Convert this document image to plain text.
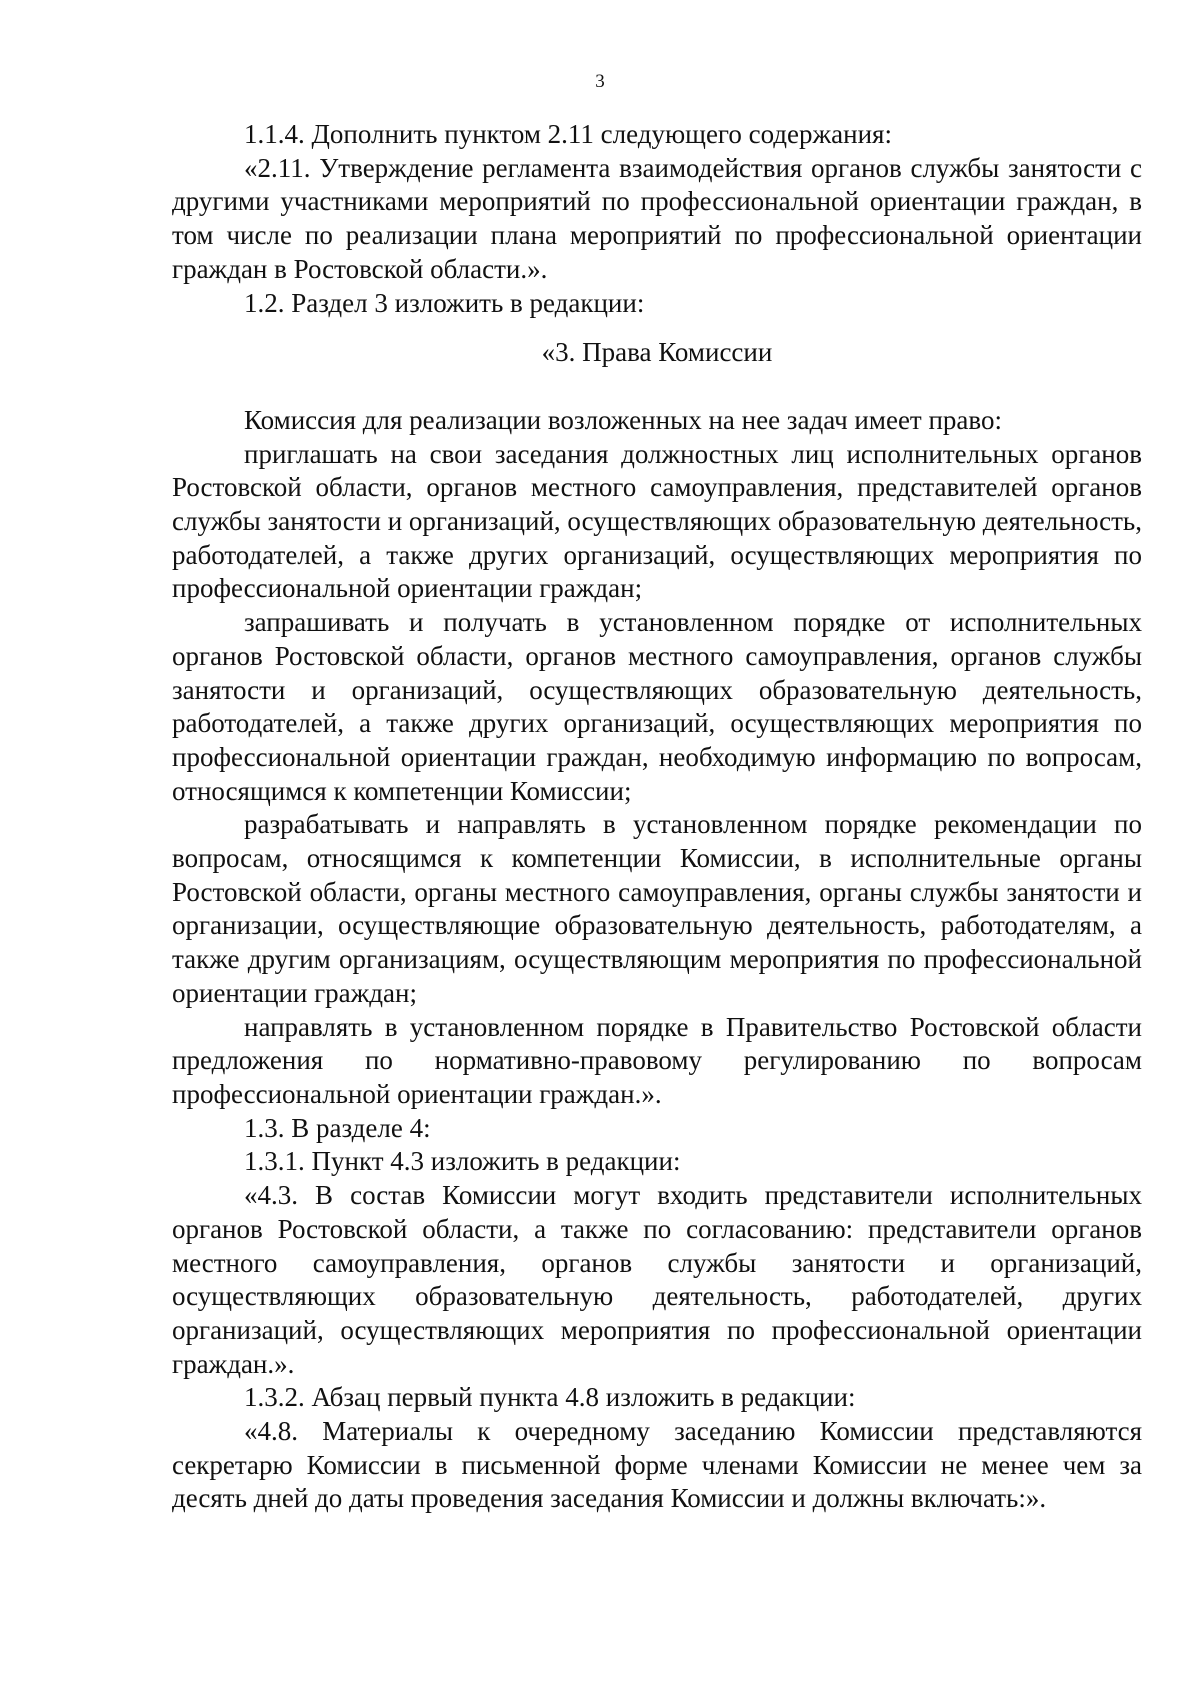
3

1.1.4. Дополнить пунктом 2.11 следующего содержания:

«2.11. Утверждение регламента взаимодействия органов службы занятости с другими участниками мероприятий по профессиональной ориентации граждан, в том числе по реализации плана мероприятий по профессиональной ориентации граждан в Ростовской области.».

1.2. Раздел 3 изложить в редакции:

«3. Права Комиссии

Комиссия для реализации возложенных на нее задач имеет право:

приглашать на свои заседания должностных лиц исполнительных органов Ростовской области, органов местного самоуправления, представителей органов службы занятости и организаций, осуществляющих образовательную деятельность, работодателей, а также других организаций, осуществляющих мероприятия по профессиональной ориентации граждан;

запрашивать и получать в установленном порядке от исполнительных органов Ростовской области, органов местного самоуправления, органов службы занятости и организаций, осуществляющих образовательную деятельность, работодателей, а также других организаций, осуществляющих мероприятия по профессиональной ориентации граждан, необходимую информацию по вопросам, относящимся к компетенции Комиссии;

разрабатывать и направлять в установленном порядке рекомендации по вопросам, относящимся к компетенции Комиссии, в исполнительные органы Ростовской области, органы местного самоуправления, органы службы занятости и организации, осуществляющие образовательную деятельность, работодателям, а также другим организациям, осуществляющим мероприятия по профессиональной ориентации граждан;

направлять в установленном порядке в Правительство Ростовской области предложения по нормативно-правовому регулированию по вопросам профессиональной ориентации граждан.».

1.3. В разделе 4:

1.3.1. Пункт 4.3 изложить в редакции:

«4.3. В состав Комиссии могут входить представители исполнительных органов Ростовской области, а также по согласованию: представители органов местного самоуправления, органов службы занятости и организаций, осуществляющих образовательную деятельность, работодателей, других организаций, осуществляющих мероприятия по профессиональной ориентации граждан.».

1.3.2. Абзац первый пункта 4.8 изложить в редакции:

«4.8. Материалы к очередному заседанию Комиссии представляются секретарю Комиссии в письменной форме членами Комиссии не менее чем за десять дней до даты проведения заседания Комиссии и должны включать:».
